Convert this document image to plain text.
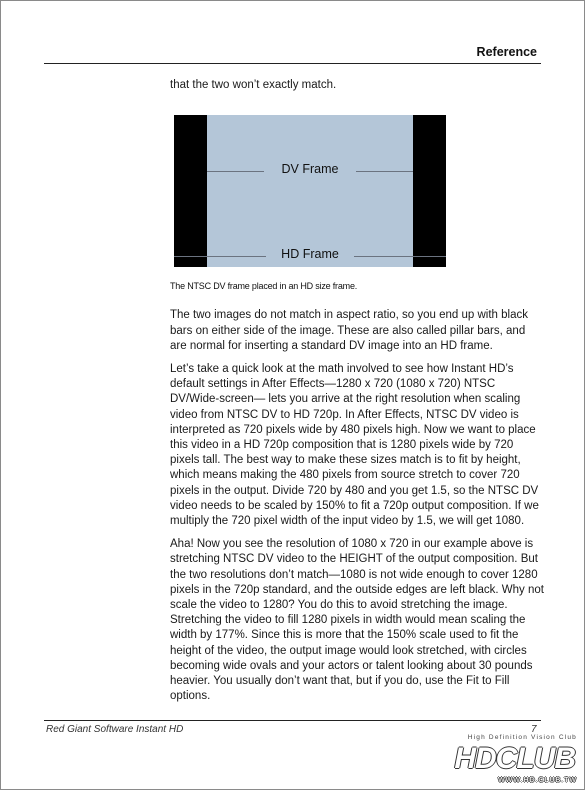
Reference

that the two won’t exactly match.

DV Frame
HD Frame
The NTSC DV frame placed in an HD size frame.

The two images do not match in aspect ratio, so you end up with black bars on either side of the image. These are also called pillar bars, and are normal for inserting a standard DV image into an HD frame.

Let’s take a quick look at the math involved to see how Instant HD’s default settings in After Effects—1280 x 720 (1080 x 720) NTSC DV/Wide-screen— lets you arrive at the right resolution when scaling video from NTSC DV to HD 720p. In After Effects, NTSC DV video is interpreted as 720 pixels wide by 480 pixels high. Now we want to place this video in a HD 720p composition that is 1280 pixels wide by 720 pixels tall. The best way to make these sizes match is to fit by height, which means making the 480 pixels from source stretch to cover 720 pixels in the output. Divide 720 by 480 and you get 1.5, so the NTSC DV video needs to be scaled by 150% to fit a 720p output composition. If we multiply the 720 pixel width of the input video by 1.5, we will get 1080.

Aha! Now you see the resolution of 1080 x 720 in our example above is stretching NTSC DV video to the HEIGHT of the output composition. But the two resolutions don’t match—1080 is not wide enough to cover 1280 pixels in the 720p standard, and the outside edges are left black. Why not scale the video to 1280? You do this to avoid stretching the image. Stretching the video to fill 1280 pixels in width would mean scaling the width by 177%. Since this is more that the 150% scale used to fit the height of the video, the output image would look stretched, with circles becoming wide ovals and your actors or talent looking about 30 pounds heavier. You usually don’t want that, but if you do, use the Fit to Fill options.

Red Giant Software Instant HD	7
High Definition Vision Club
HDCLUB
WWW.HD.CLUB.TW
